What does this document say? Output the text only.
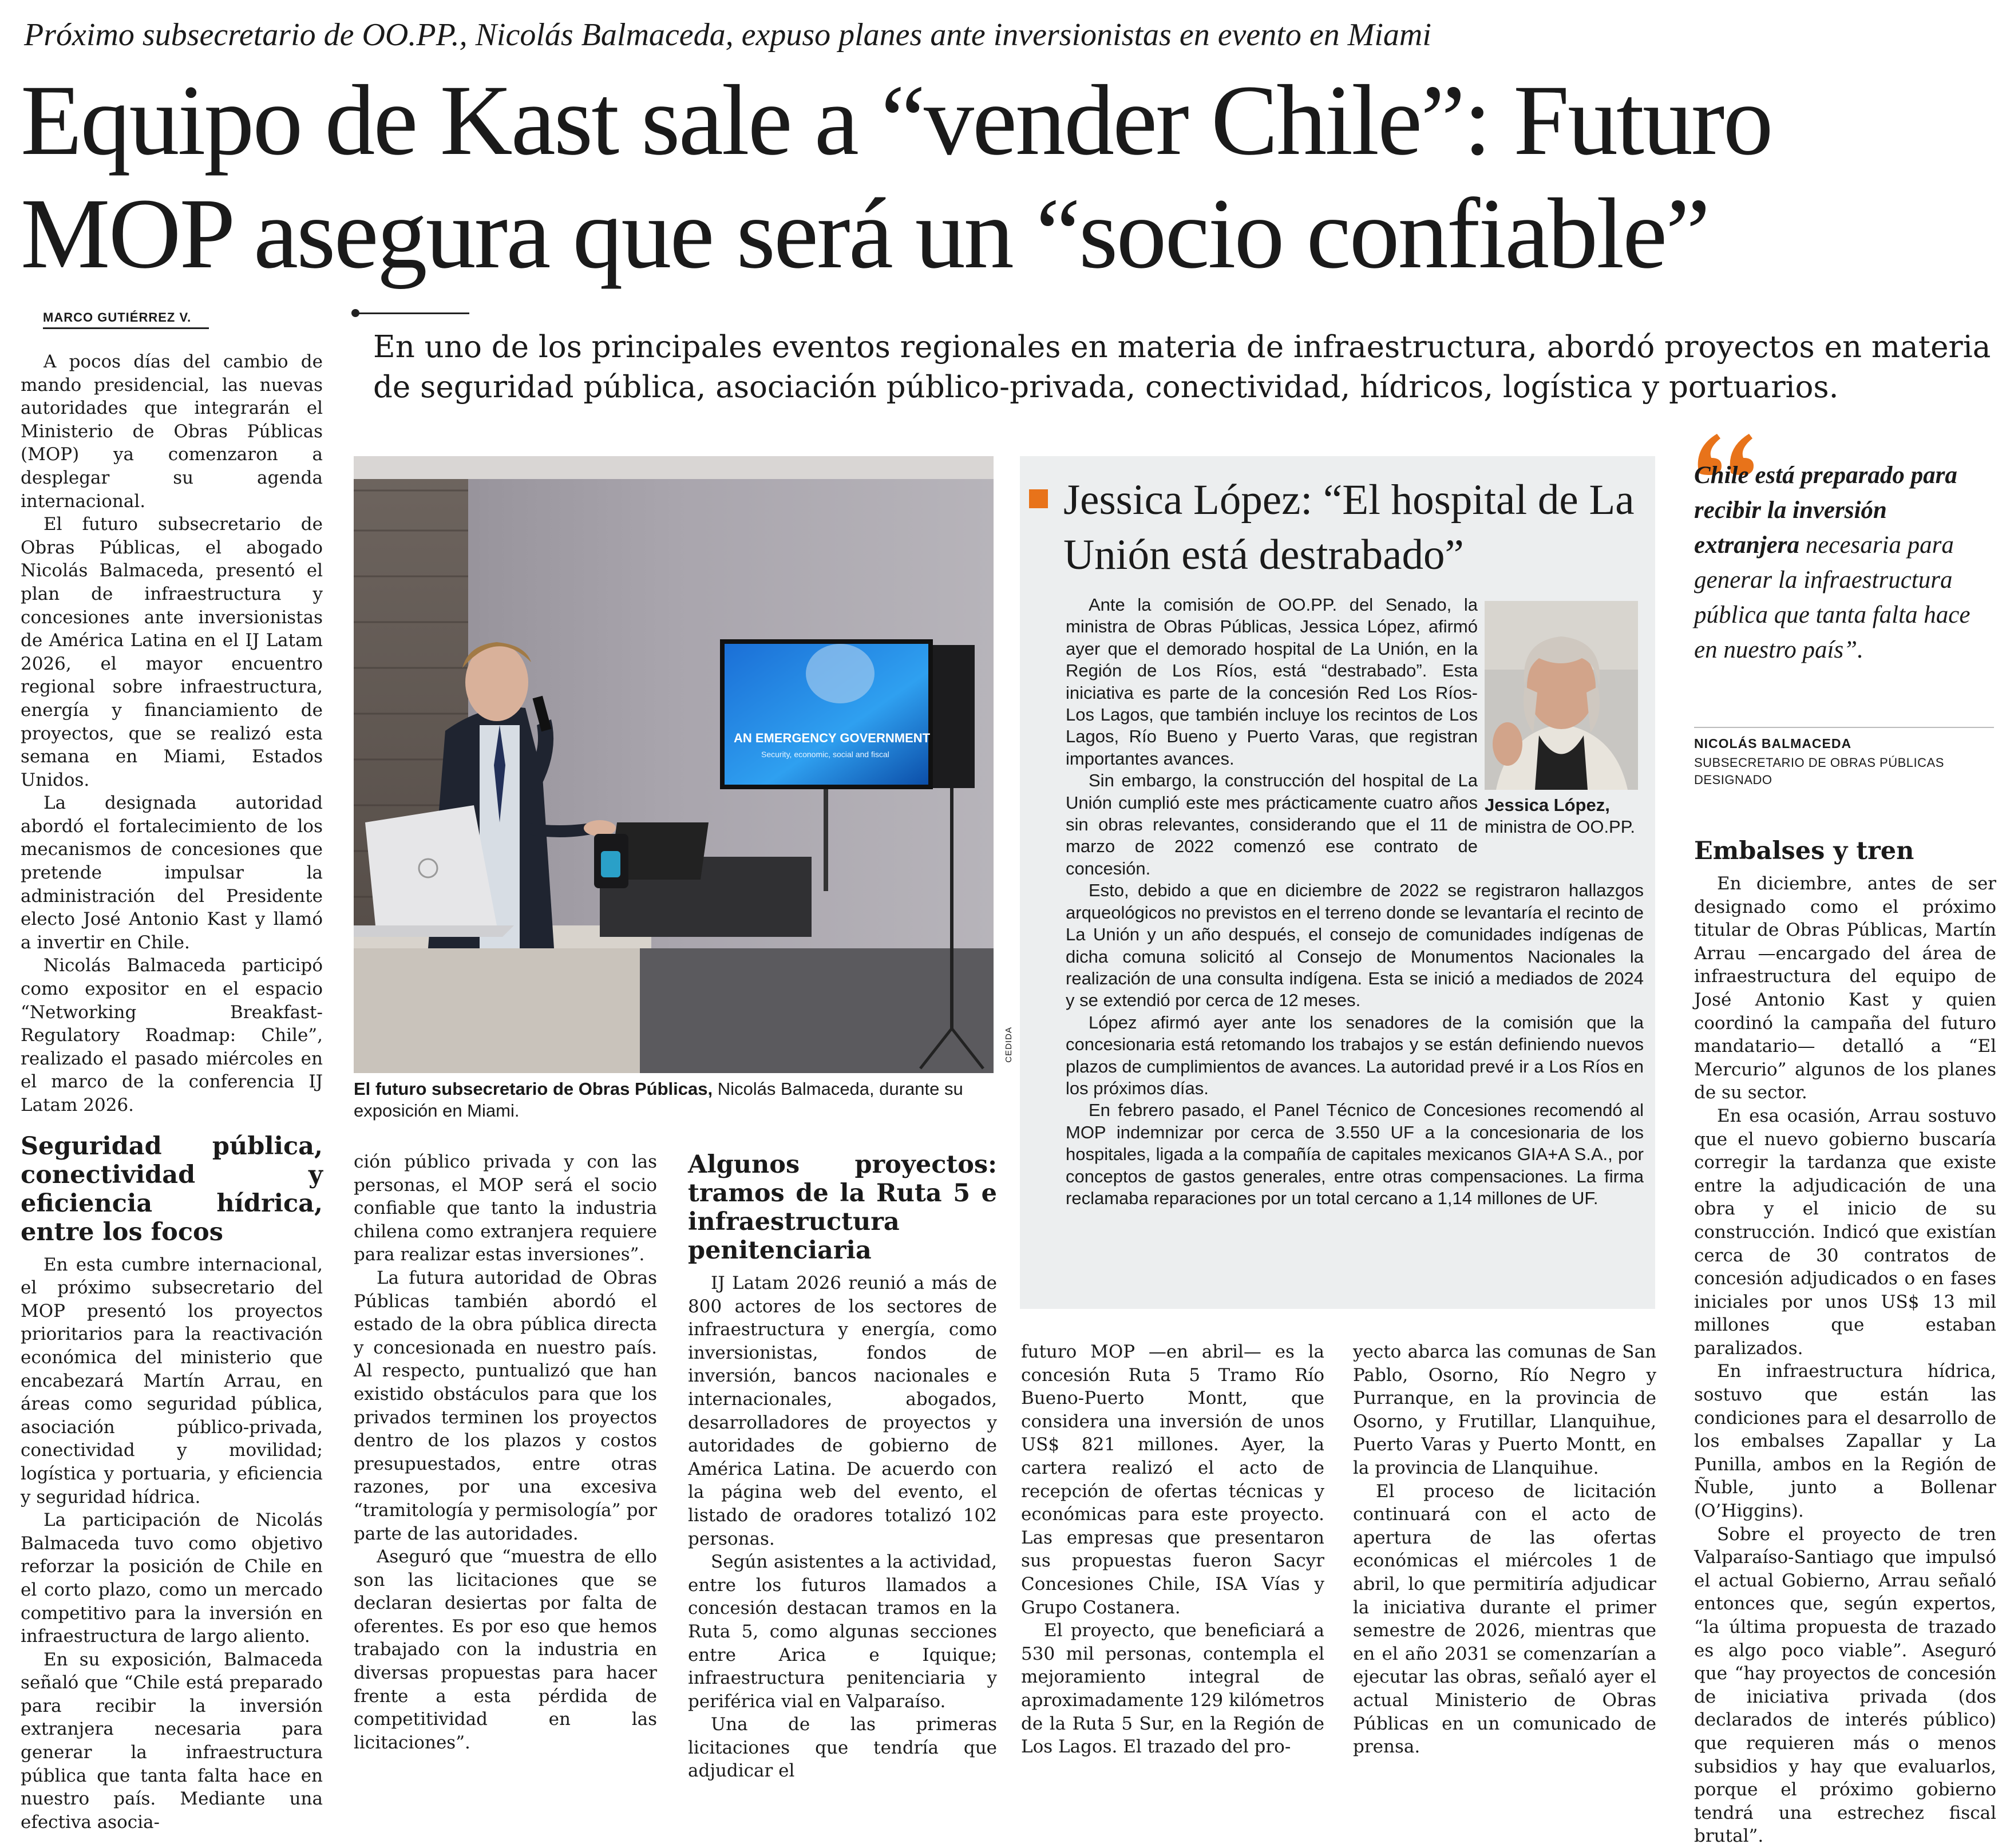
Próximo subsecretario de OO.PP., Nicolás Balmaceda, expuso planes ante inversionistas en evento en Miami
Equipo de Kast sale a “vender Chile”: Futuro
MOP asegura que será un “socio confiable”
MARCO GUTIÉRREZ V.
En uno de los principales eventos regionales en materia de infraestructura, abordó proyectos en materia de seguridad pública, asociación público-privada, conectividad, hídricos, logística y portuarios.

A pocos días del cambio de mando presidencial, las nuevas autoridades que integrarán el Ministerio de Obras Públicas (MOP) ya comenzaron a desplegar su agenda internacional.

El futuro subsecretario de Obras Públicas, el abogado Nicolás Balmaceda, presentó el plan de infraestructura y concesiones ante inversionistas de América Latina en el IJ Latam 2026, el mayor encuentro regional sobre infraestructura, energía y financiamiento de proyectos, que se realizó esta semana en Miami, Estados Unidos.

La designada autoridad abordó el fortalecimiento de los mecanismos de concesiones que pretende impulsar la administración del Presidente electo José Antonio Kast y llamó a invertir en Chile.

Nicolás Balmaceda participó como expositor en el espacio “Networking Breakfast-Regulatory Roadmap: Chile”, realizado el pasado miércoles en el marco de la conferencia IJ Latam 2026.

Seguridad pública, conectividad y eficiencia hídrica, entre los focos

En esta cumbre internacional, el próximo subsecretario del MOP presentó los proyectos prioritarios para la reactivación económica del ministerio que encabezará Martín Arrau, en áreas como seguridad pública, asociación público-privada, conectividad y movilidad; logística y portuaria, y eficiencia y seguridad hídrica.

La participación de Nicolás Balmaceda tuvo como objetivo reforzar la posición de Chile en el corto plazo, como un mercado competitivo para la inversión en infraestructura de largo aliento.

En su exposición, Balmaceda señaló que “Chile está preparado para recibir la inversión extranjera necesaria para generar la infraestructura pública que tanta falta hace en nuestro país. Mediante una efectiva asocia-

AN EMERGENCY GOVERNMENT
Security, economic, social and fiscal
CEDIDA
El futuro subsecretario de Obras Públicas, Nicolás Balmaceda, durante su exposición en Miami.
Jessica López: “El hospital de La Unión está destrabado”

Ante la comisión de OO.PP. del Senado, la ministra de Obras Públicas, Jessica López, afirmó ayer que el demorado hospital de La Unión, en la Región de Los Ríos, está “destrabado”. Esta iniciativa es parte de la concesión Red Los Ríos-Los Lagos, que también incluye los recintos de Los Lagos, Río Bueno y Puerto Varas, que registran importantes avances.

Sin embargo, la construcción del hospital de La Unión cumplió este mes prácticamente cuatro años sin obras relevantes, considerando que el 11 de marzo de 2022 comenzó ese contrato de concesión.

Esto, debido a que en diciembre de 2022 se registraron hallazgos arqueológicos no previstos en el terreno donde se levantaría el recinto de La Unión y un año después, el consejo de comunidades indígenas de dicha comuna solicitó al Consejo de Monumentos Nacionales la realización de una consulta indígena. Esta se inició a mediados de 2024 y se extendió por cerca de 12 meses.

López afirmó ayer ante los senadores de la comisión que la concesionaria está retomando los trabajos y se están definiendo nuevos plazos de cumplimientos de avances. La autoridad prevé ir a Los Ríos en los próximos días.

En febrero pasado, el Panel Técnico de Concesiones recomendó al MOP indemnizar por cerca de 3.550 UF a la concesionaria de los hospitales, ligada a la compañía de capitales mexicanos GIA+A S.A., por conceptos de gastos generales, entre otras compensaciones. La firma reclamaba reparaciones por un total cercano a 1,14 millones de UF.

Jessica López,
ministra de OO.PP.
Chile está preparado para recibir la inversión extranjera necesaria para generar la infraestructura pública que tanta falta hace en nuestro país”.
NICOLÁS BALMACEDA
SUBSECRETARIO DE OBRAS PÚBLICAS DESIGNADO
Embalses y tren

En diciembre, antes de ser designado como el próximo titular de Obras Públicas, Martín Arrau —encargado del área de infraestructura del equipo de José Antonio Kast y quien coordinó la campaña del futuro mandatario— detalló a “El Mercurio” algunos de los planes de su sector.

En esa ocasión, Arrau sostuvo que el nuevo gobierno buscaría corregir la tardanza que existe entre la adjudicación de una obra y el inicio de su construcción. Indicó que existían cerca de 30 contratos de concesión adjudicados o en fases iniciales por unos US$ 13 mil millones que estaban paralizados.

En infraestructura hídrica, sostuvo que están las condiciones para el desarrollo de los embalses Zapallar y La Punilla, ambos en la Región de Ñuble, junto a Bollenar (O’Higgins).

Sobre el proyecto de tren Valparaíso-Santiago que impulsó el actual Gobierno, Arrau señaló entonces que, según expertos, “la última propuesta de trazado es algo poco viable”. Aseguró que “hay proyectos de concesión de iniciativa privada (dos declarados de interés público) que requieren más o menos subsidios y hay que evaluarlos, porque el próximo gobierno tendrá una estrechez fiscal brutal”.

ción público privada y con las personas, el MOP será el socio confiable que tanto la industria chilena como extranjera requiere para realizar estas inversiones”.

La futura autoridad de Obras Públicas también abordó el estado de la obra pública directa y concesionada en nuestro país. Al respecto, puntualizó que han existido obstáculos para que los privados terminen los proyectos dentro de los plazos y costos presupuestados, entre otras razones, por una excesiva “tramitología y permisología” por parte de las autoridades.

Aseguró que “muestra de ello son las licitaciones que se declaran desiertas por falta de oferentes. Es por eso que hemos trabajado con la industria en diversas propuestas para hacer frente a esta pérdida de competitividad en las licitaciones”.

Algunos proyectos: tramos de la Ruta 5 e infraestructura penitenciaria

IJ Latam 2026 reunió a más de 800 actores de los sectores de infraestructura y energía, como inversionistas, fondos de inversión, bancos nacionales e internacionales, abogados, desarrolladores de proyectos y autoridades de gobierno de América Latina. De acuerdo con la página web del evento, el listado de oradores totalizó 102 personas.

Según asistentes a la actividad, entre los futuros llamados a concesión destacan tramos en la Ruta 5, como algunas secciones entre Arica e Iquique; infraestructura penitenciaria y periférica vial en Valparaíso.

Una de las primeras licitaciones que tendría que adjudicar el

futuro MOP —en abril— es la concesión Ruta 5 Tramo Río Bueno-Puerto Montt, que considera una inversión de unos US$ 821 millones. Ayer, la cartera realizó el acto de recepción de ofertas técnicas y económicas para este proyecto. Las empresas que presentaron sus propuestas fueron Sacyr Concesiones Chile, ISA Vías y Grupo Costanera.

El proyecto, que beneficiará a 530 mil personas, contempla el mejoramiento integral de aproximadamente 129 kilómetros de la Ruta 5 Sur, en la Región de Los Lagos. El trazado del pro-

yecto abarca las comunas de San Pablo, Osorno, Río Negro y Purranque, en la provincia de Osorno, y Frutillar, Llanquihue, Puerto Varas y Puerto Montt, en la provincia de Llanquihue.

El proceso de licitación continuará con el acto de apertura de las ofertas económicas el miércoles 1 de abril, lo que permitiría adjudicar la iniciativa durante el primer semestre de 2026, mientras que en el año 2031 se comenzarían a ejecutar las obras, señaló ayer el actual Ministerio de Obras Públicas en un comunicado de prensa.
